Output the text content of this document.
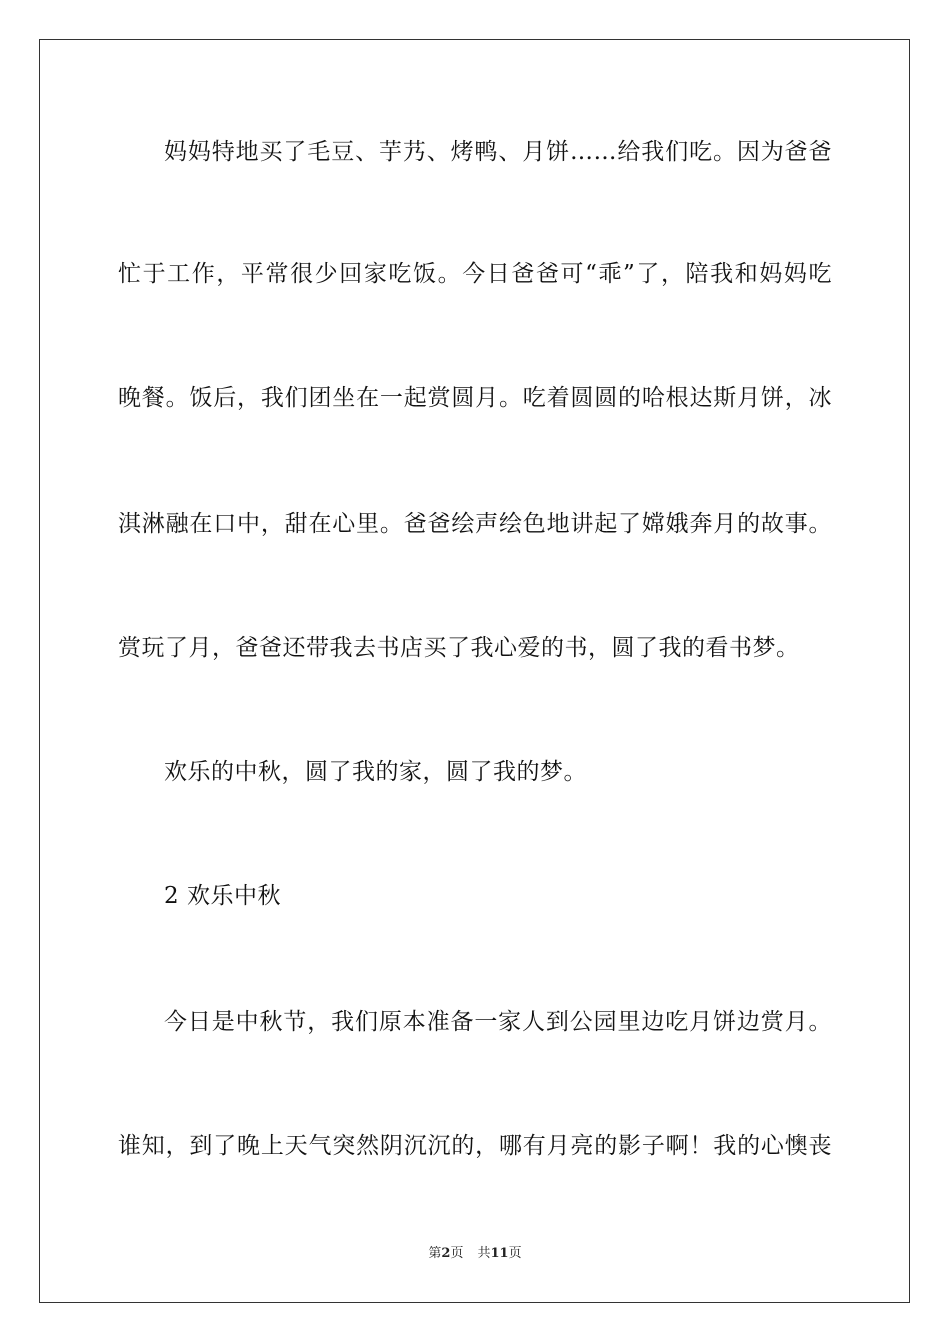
妈妈特地买了毛豆、芋艿、烤鸭、月饼……给我们吃。因为爸爸
忙于工作，平常很少回家吃饭。今日爸爸可“乖”了，陪我和妈妈吃
晚餐。饭后，我们团坐在一起赏圆月。吃着圆圆的哈根达斯月饼，冰
淇淋融在口中，甜在心里。爸爸绘声绘色地讲起了嫦娥奔月的故事。
赏玩了月，爸爸还带我去书店买了我心爱的书，圆了我的看书梦。
欢乐的中秋，圆了我的家，圆了我的梦。
2 欢乐中秋
今日是中秋节，我们原本准备一家人到公园里边吃月饼边赏月。
谁知，到了晚上天气突然阴沉沉的，哪有月亮的影子啊！我的心懊丧
第2页 共11页
